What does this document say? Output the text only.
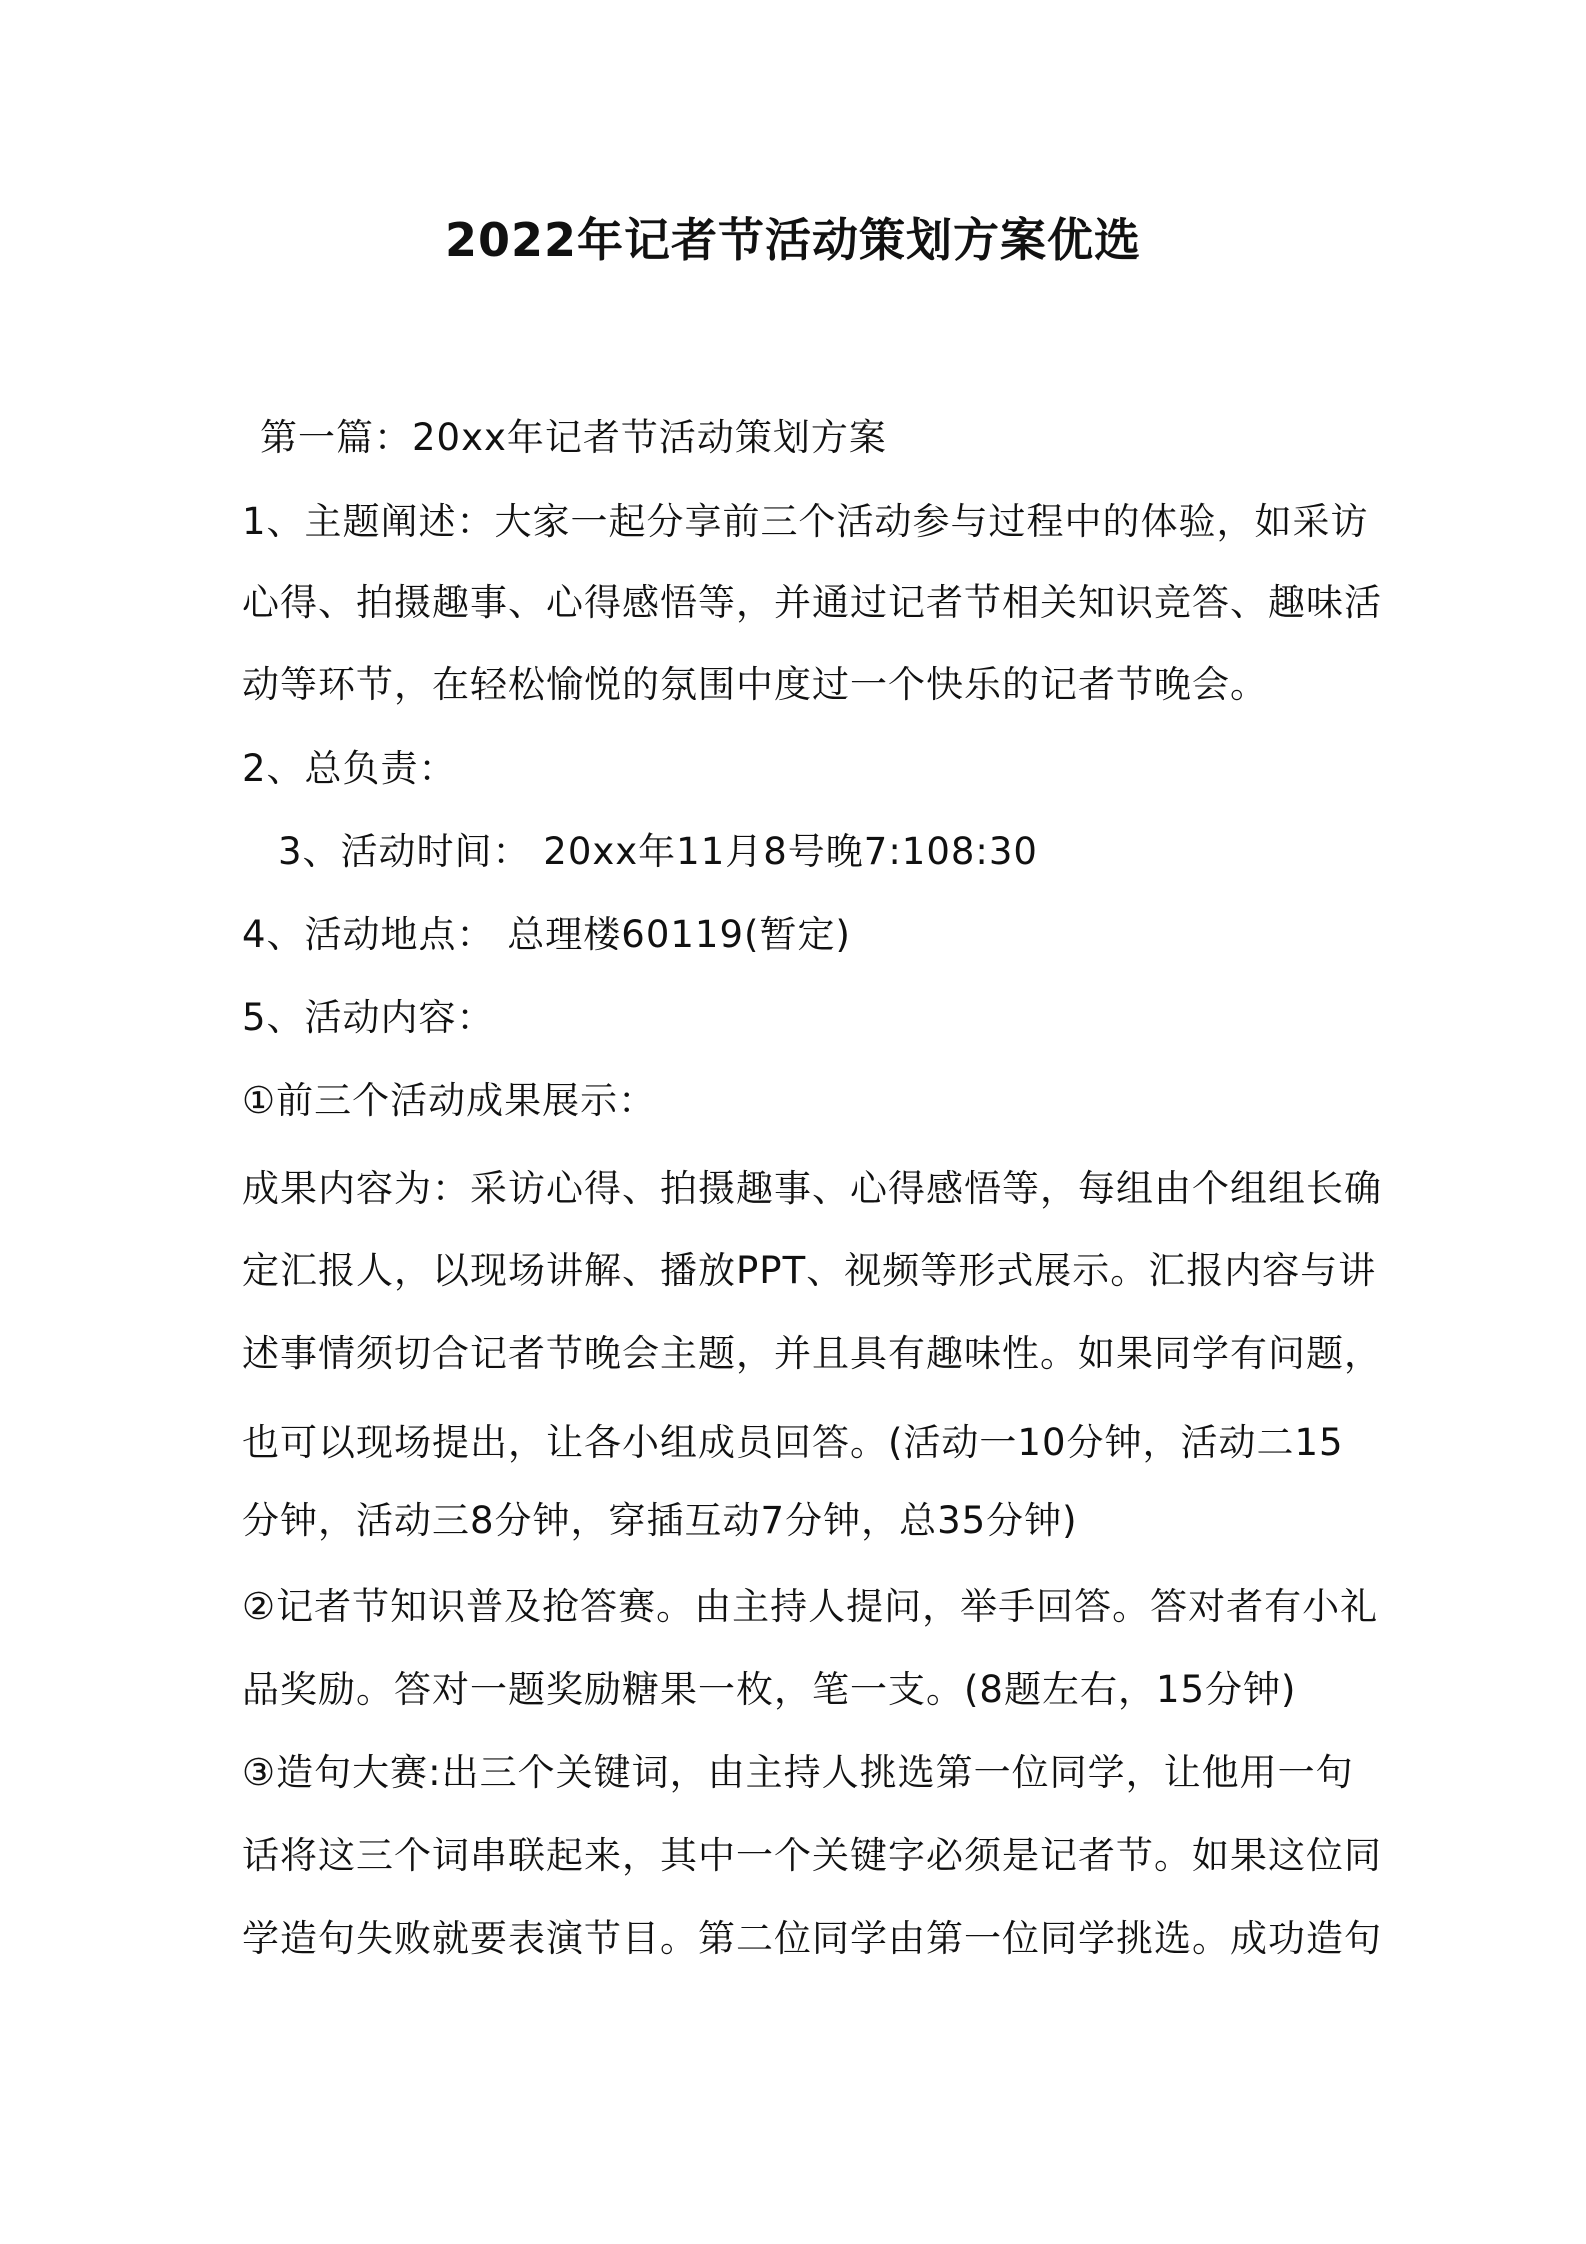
2022年记者节活动策划方案优选
第一篇：20xx年记者节活动策划方案
1、主题阐述：大家一起分享前三个活动参与过程中的体验，如采访
心得、拍摄趣事、心得感悟等，并通过记者节相关知识竞答、趣味活
动等环节，在轻松愉悦的氛围中度过一个快乐的记者节晚会。
2、总负责：
3、活动时间： 20xx年11月8号晚7:108:30
4、活动地点： 总理楼60119(暂定)
5、活动内容：
①前三个活动成果展示：
成果内容为：采访心得、拍摄趣事、心得感悟等，每组由个组组长确
定汇报人，以现场讲解、播放PPT、视频等形式展示。汇报内容与讲
述事情须切合记者节晚会主题，并且具有趣味性。如果同学有问题，
也可以现场提出，让各小组成员回答。(活动一10分钟，活动二15
分钟，活动三8分钟，穿插互动7分钟，总35分钟)
②记者节知识普及抢答赛。由主持人提问，举手回答。答对者有小礼
品奖励。答对一题奖励糖果一枚，笔一支。(8题左右，15分钟)
③造句大赛:出三个关键词，由主持人挑选第一位同学，让他用一句
话将这三个词串联起来，其中一个关键字必须是记者节。如果这位同
学造句失败就要表演节目。第二位同学由第一位同学挑选。成功造句
